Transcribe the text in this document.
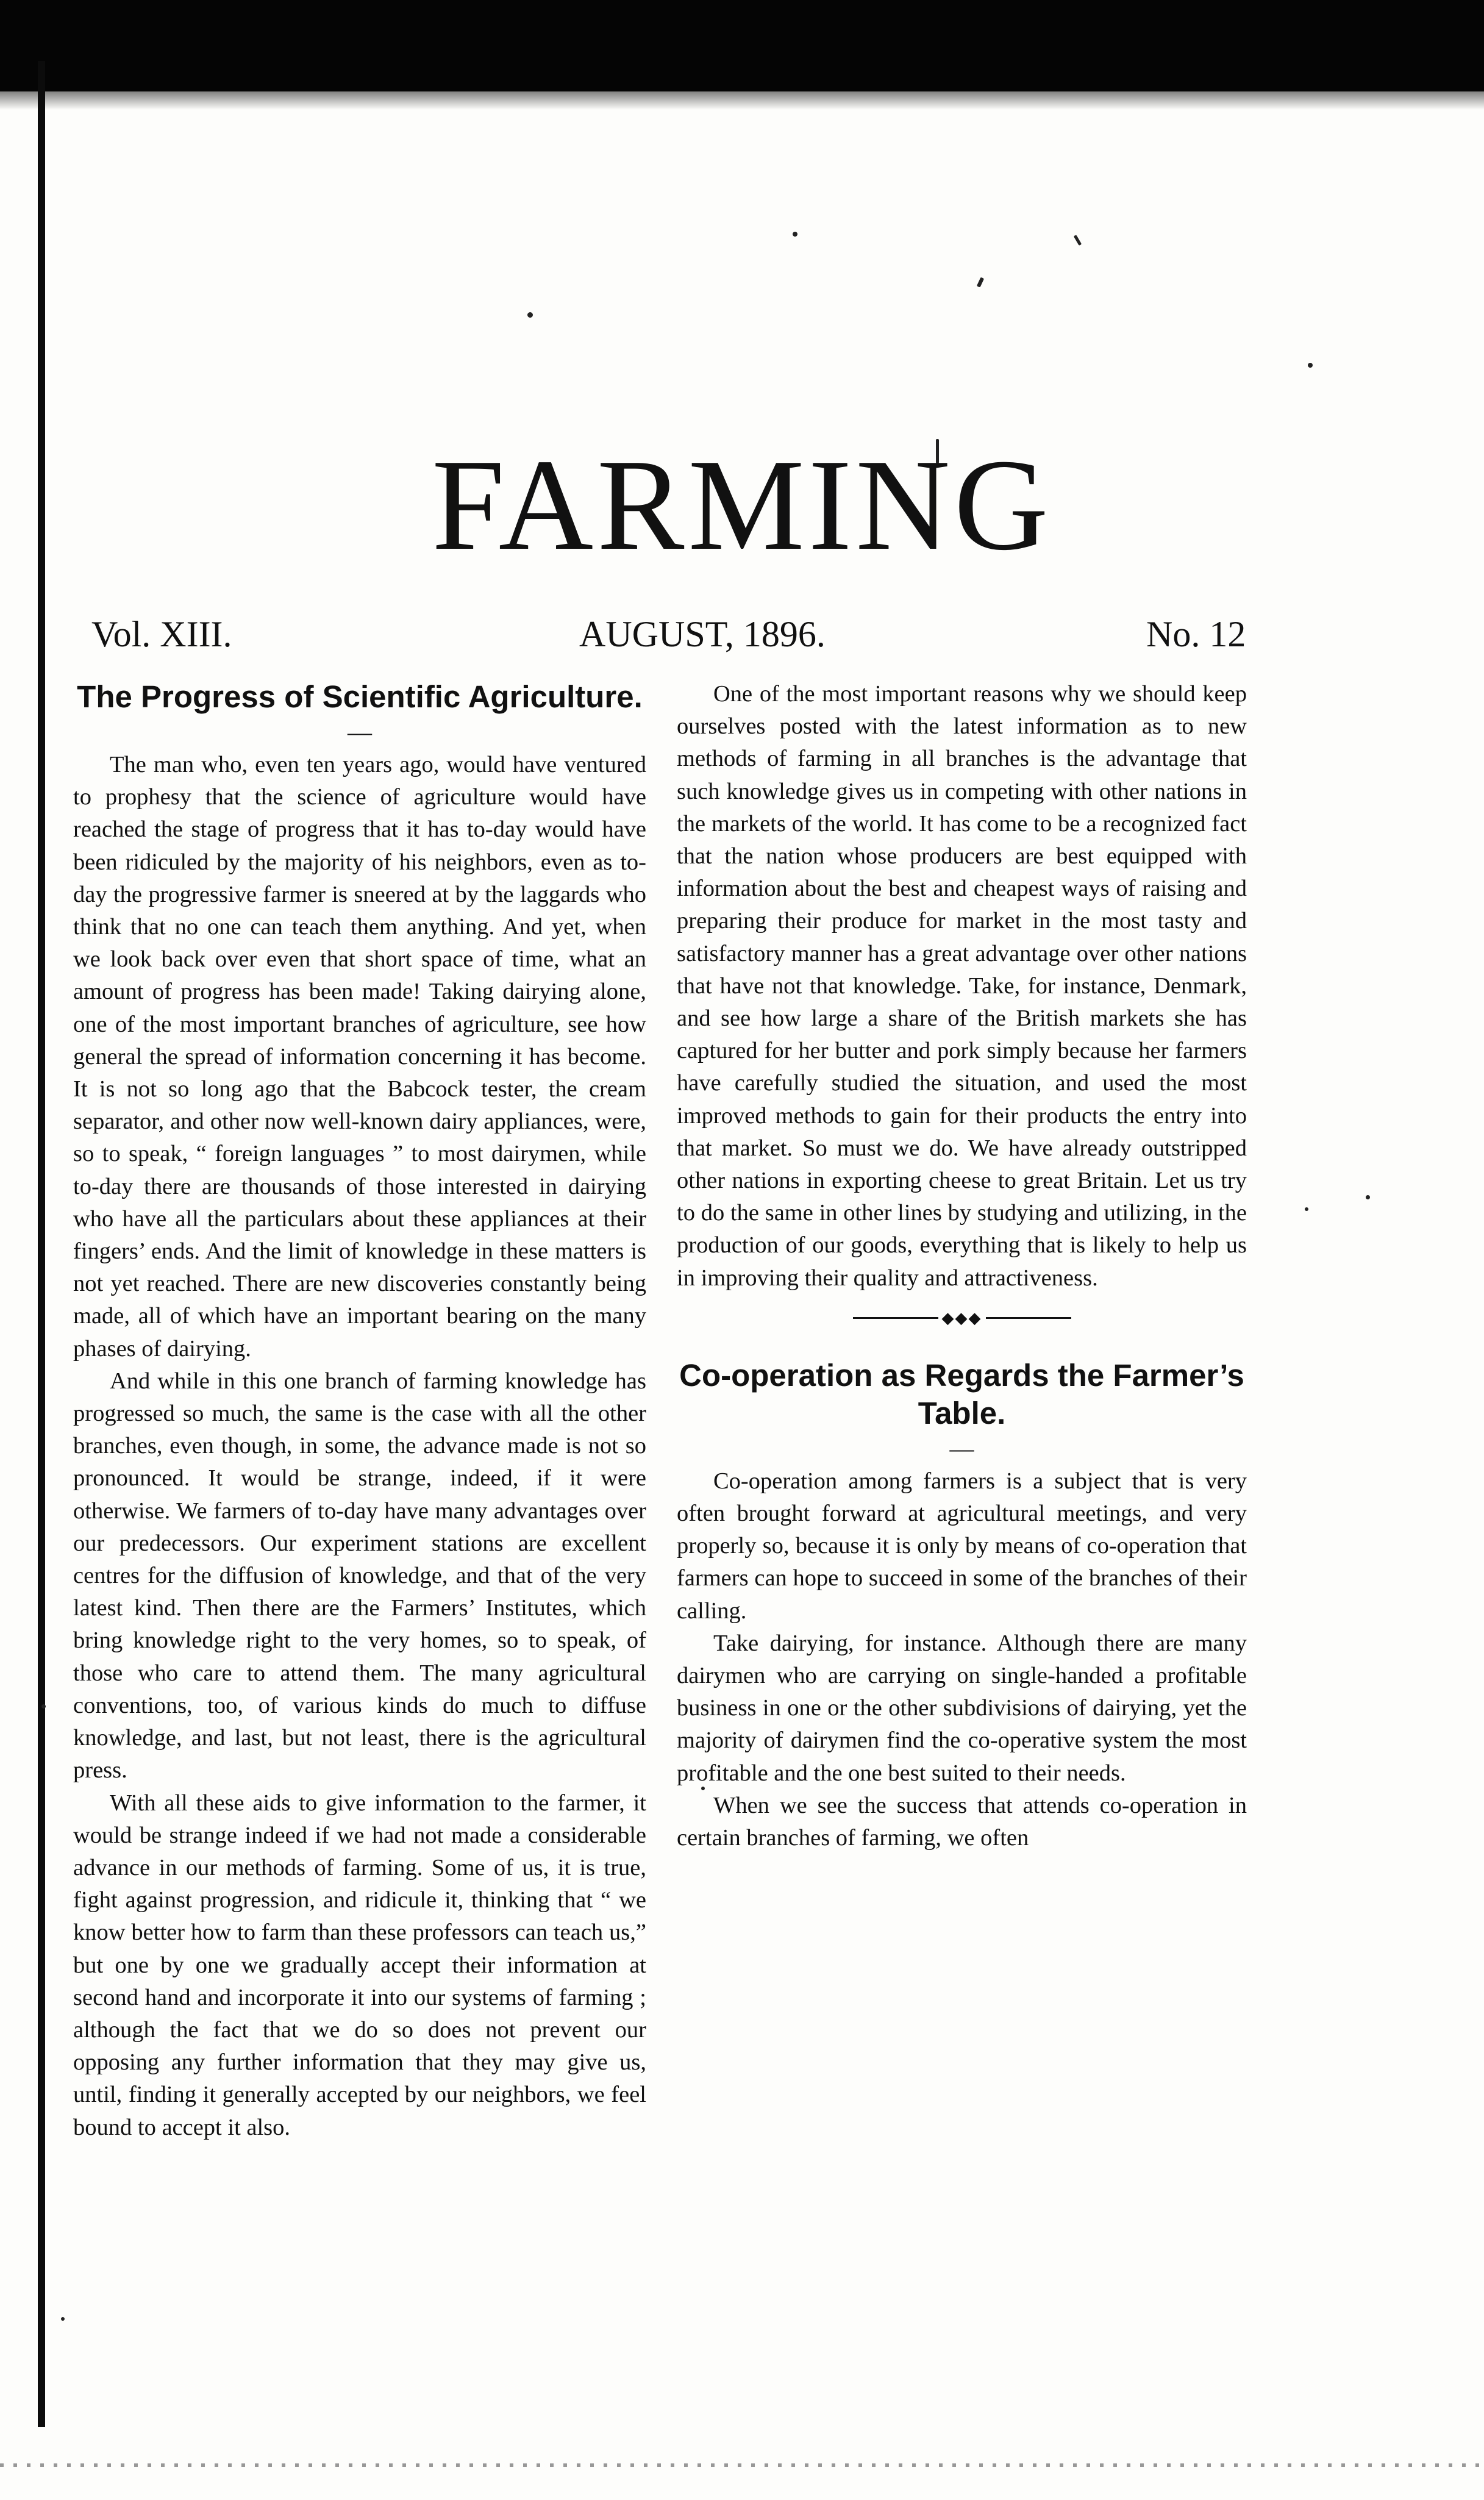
FARMING
Vol. XIII.	AUGUST, 1896.	No. 12
The Progress of Scientific Agriculture.
—

The man who, even ten years ago, would have ventured to prophesy that the science of agriculture would have reached the stage of progress that it has to-day would have been ridiculed by the majority of his neighbors, even as to-day the progressive farmer is sneered at by the laggards who think that no one can teach them anything. And yet, when we look back over even that short space of time, what an amount of progress has been made! Taking dairying alone, one of the most important branches of agriculture, see how general the spread of information concerning it has become. It is not so long ago that the Babcock tester, the cream separator, and other now well-known dairy appliances, were, so to speak, “ foreign languages ” to most dairymen, while to-day there are thousands of those interested in dairying who have all the particulars about these appliances at their fingers’ ends. And the limit of knowledge in these matters is not yet reached. There are new discoveries constantly being made, all of which have an important bearing on the many phases of dairying.

And while in this one branch of farming knowledge has progressed so much, the same is the case with all the other branches, even though, in some, the advance made is not so pronounced. It would be strange, indeed, if it were otherwise. We farmers of to-day have many advantages over our predecessors. Our experiment stations are excellent centres for the diffusion of knowledge, and that of the very latest kind. Then there are the Farmers’ Institutes, which bring knowledge right to the very homes, so to speak, of those who care to attend them. The many agricultural conventions, too, of various kinds do much to diffuse knowledge, and last, but not least, there is the agricultural press.

With all these aids to give information to the farmer, it would be strange indeed if we had not made a considerable advance in our methods of farming. Some of us, it is true, fight against progression, and ridicule it, thinking that “ we know better how to farm than these professors can teach us,” but one by one we gradually accept their information at second hand and incorporate it into our systems of farming ; although the fact that we do so does not prevent our opposing any further information that they may give us, until, finding it generally accepted by our neighbors, we feel bound to accept it also.

One of the most important reasons why we should keep ourselves posted with the latest information as to new methods of farming in all branches is the advantage that such knowledge gives us in competing with other nations in the markets of the world. It has come to be a recognized fact that the nation whose producers are best equipped with information about the best and cheapest ways of raising and preparing their produce for market in the most tasty and satisfactory manner has a great advantage over other nations that have not that knowledge. Take, for instance, Denmark, and see how large a share of the British markets she has captured for her butter and pork simply because her farmers have carefully studied the situation, and used the most improved methods to gain for their products the entry into that market. So must we do. We have already outstripped other nations in exporting cheese to great Britain. Let us try to do the same in other lines by studying and utilizing, in the production of our goods, everything that is likely to help us in improving their quality and attractiveness.

◆◆◆
Co-operation as Regards the Farmer’s Table.
—

Co-operation among farmers is a subject that is very often brought forward at agricultural meetings, and very properly so, because it is only by means of co-operation that farmers can hope to succeed in some of the branches of their calling.

Take dairying, for instance. Although there are many dairymen who are carrying on single-handed a profitable business in one or the other subdivisions of dairying, yet the majority of dairymen find the co-operative system the most profitable and the one best suited to their needs.

When we see the success that attends co-operation in certain branches of farming, we often
